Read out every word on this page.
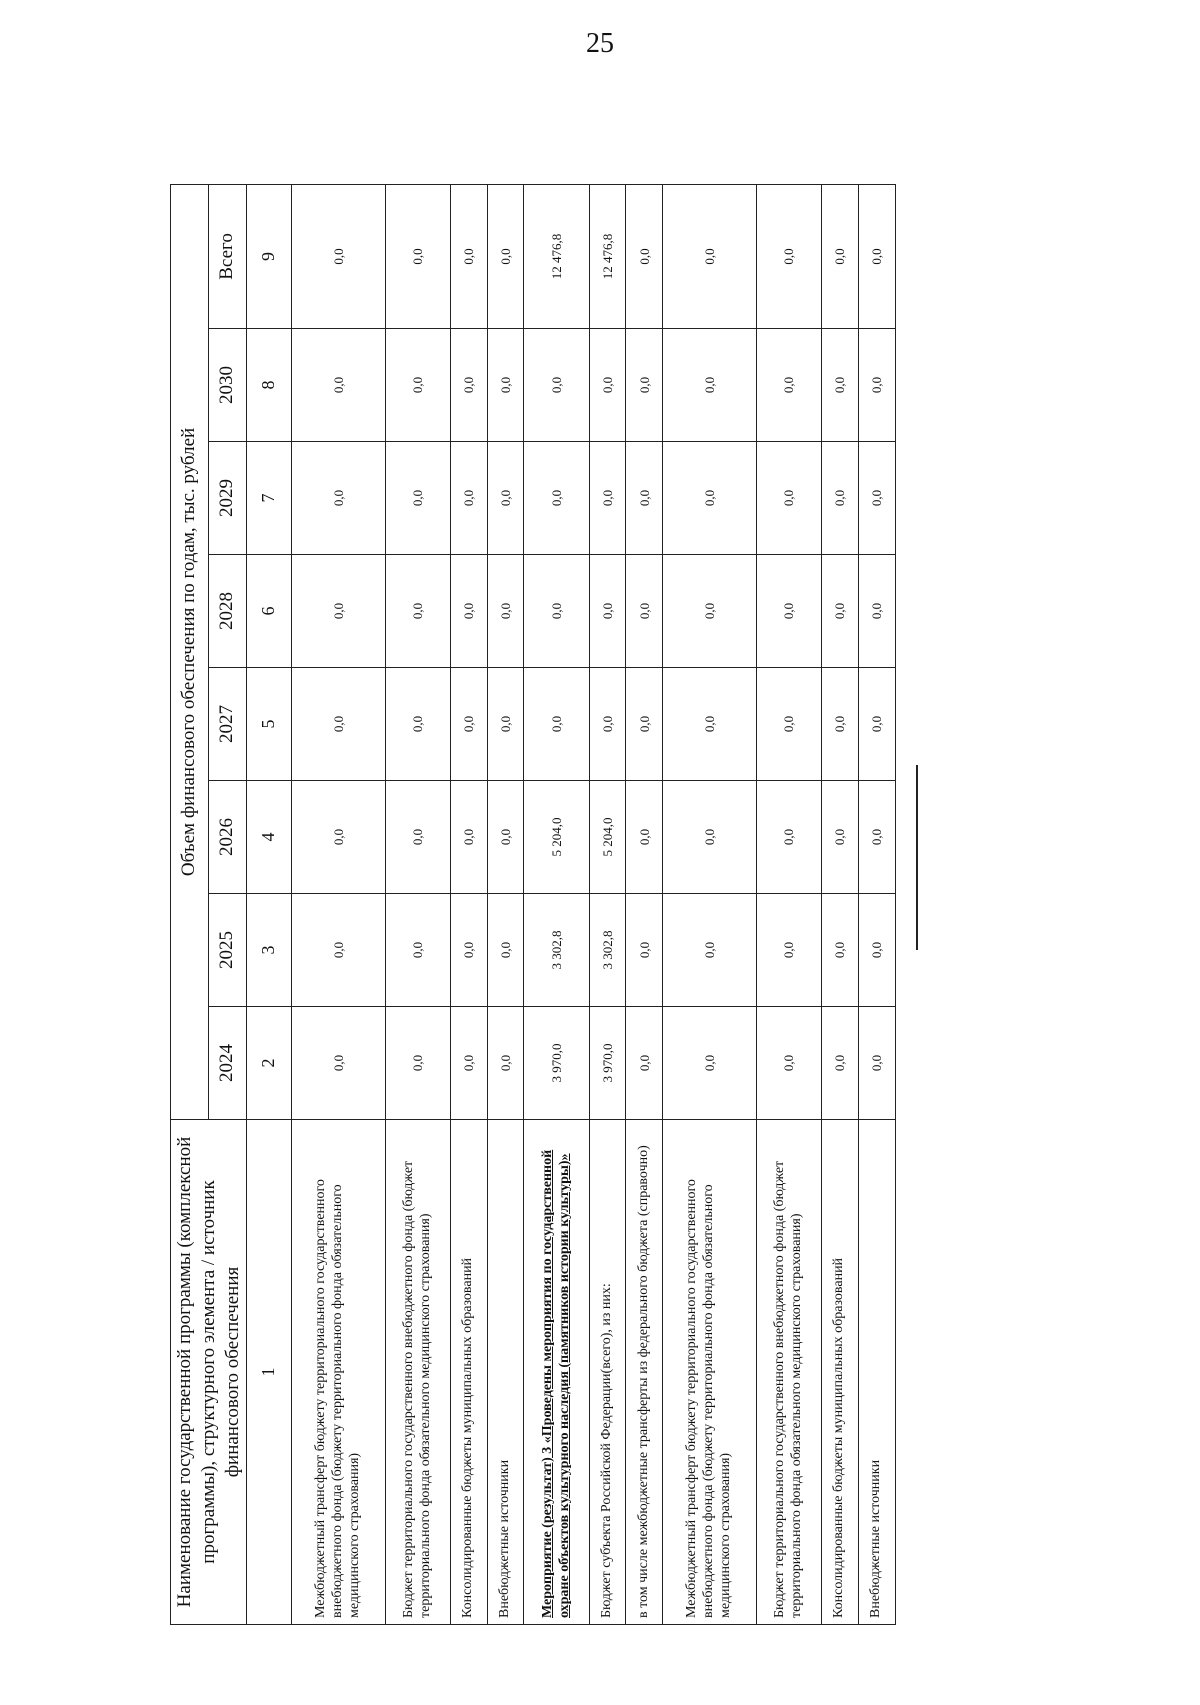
25
Наименование государственной программы (комплексной программы), структурного элемента / источник финансового обеспечения	Объем финансового обеспечения по годам, тыс. рублей							
	2024	2025	2026	2027	2028	2029	2030	Всего
1	2	3	4	5	6	7	8	9
Межбюджетный трансферт бюджету территориального государственного внебюджетного фонда (бюджету территориального фонда обязательного медицинского страхования)	0,0	0,0	0,0	0,0	0,0	0,0	0,0	0,0
Бюджет территориального государственного внебюджетного фонда (бюджет территориального фонда обязательного медицинского страхования)	0,0	0,0	0,0	0,0	0,0	0,0	0,0	0,0
Консолидированные бюджеты муниципальных образований	0,0	0,0	0,0	0,0	0,0	0,0	0,0	0,0
Внебюджетные источники	0,0	0,0	0,0	0,0	0,0	0,0	0,0	0,0
Мероприятие (результат) 3 «Проведены мероприятия по государственной охране объектов культурного наследия (памятников истории культуры)»	3 970,0	3 302,8	5 204,0	0,0	0,0	0,0	0,0	12 476,8
Бюджет субъекта Российской Федерации(всего), из них:	3 970,0	3 302,8	5 204,0	0,0	0,0	0,0	0,0	12 476,8
в том числе межбюджетные трансферты из федерального бюджета (справочно)	0,0	0,0	0,0	0,0	0,0	0,0	0,0	0,0
Межбюджетный трансферт бюджету территориального государственного внебюджетного фонда (бюджету территориального фонда обязательного медицинского страхования)	0,0	0,0	0,0	0,0	0,0	0,0	0,0	0,0
Бюджет территориального государственного внебюджетного фонда (бюджет территориального фонда обязательного медицинского страхования)	0,0	0,0	0,0	0,0	0,0	0,0	0,0	0,0
Консолидированные бюджеты муниципальных образований	0,0	0,0	0,0	0,0	0,0	0,0	0,0	0,0
Внебюджетные источники	0,0	0,0	0,0	0,0	0,0	0,0	0,0	0,0
